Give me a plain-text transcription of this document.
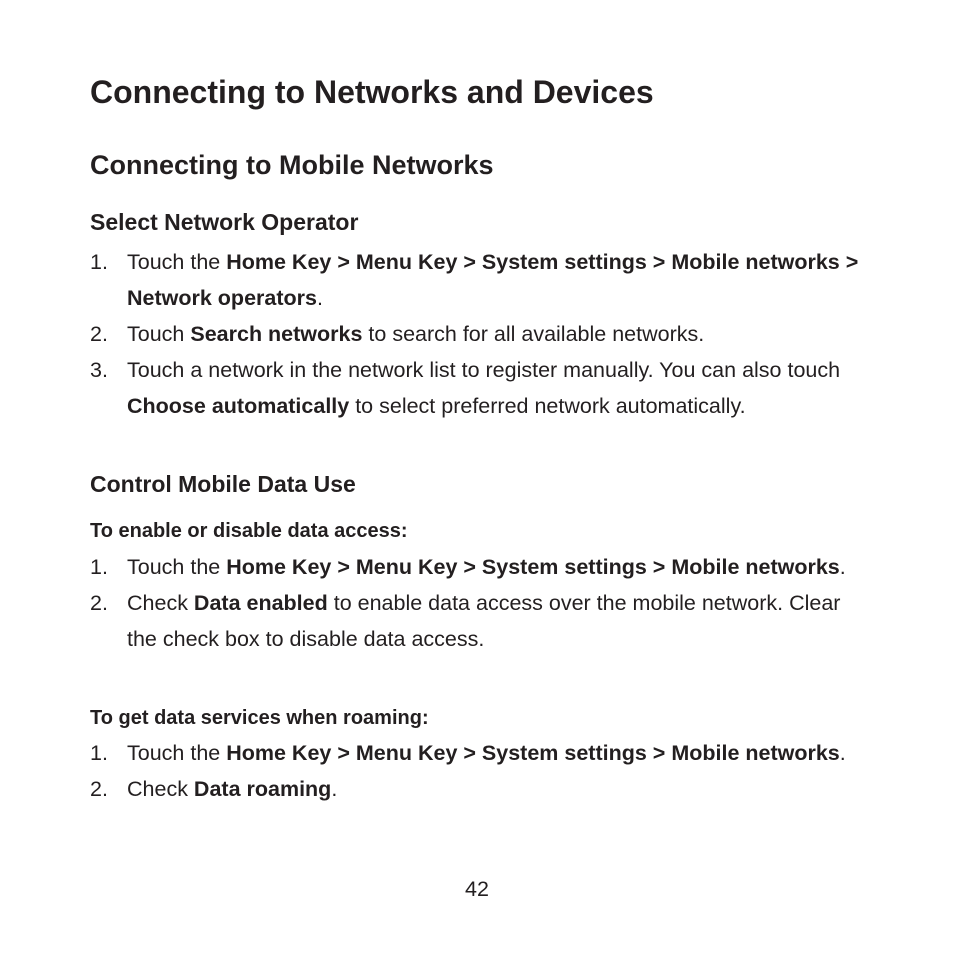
Connecting to Networks and Devices
Connecting to Mobile Networks
Select Network Operator
1. Touch the Home Key > Menu Key > System settings > Mobile networks > Network operators.
2. Touch Search networks to search for all available networks.
3. Touch a network in the network list to register manually. You can also touch Choose automatically to select preferred network automatically.
Control Mobile Data Use
To enable or disable data access:
1. Touch the Home Key > Menu Key > System settings > Mobile networks.
2. Check Data enabled to enable data access over the mobile network. Clear the check box to disable data access.
To get data services when roaming:
1. Touch the Home Key > Menu Key > System settings > Mobile networks.
2. Check Data roaming.
42
